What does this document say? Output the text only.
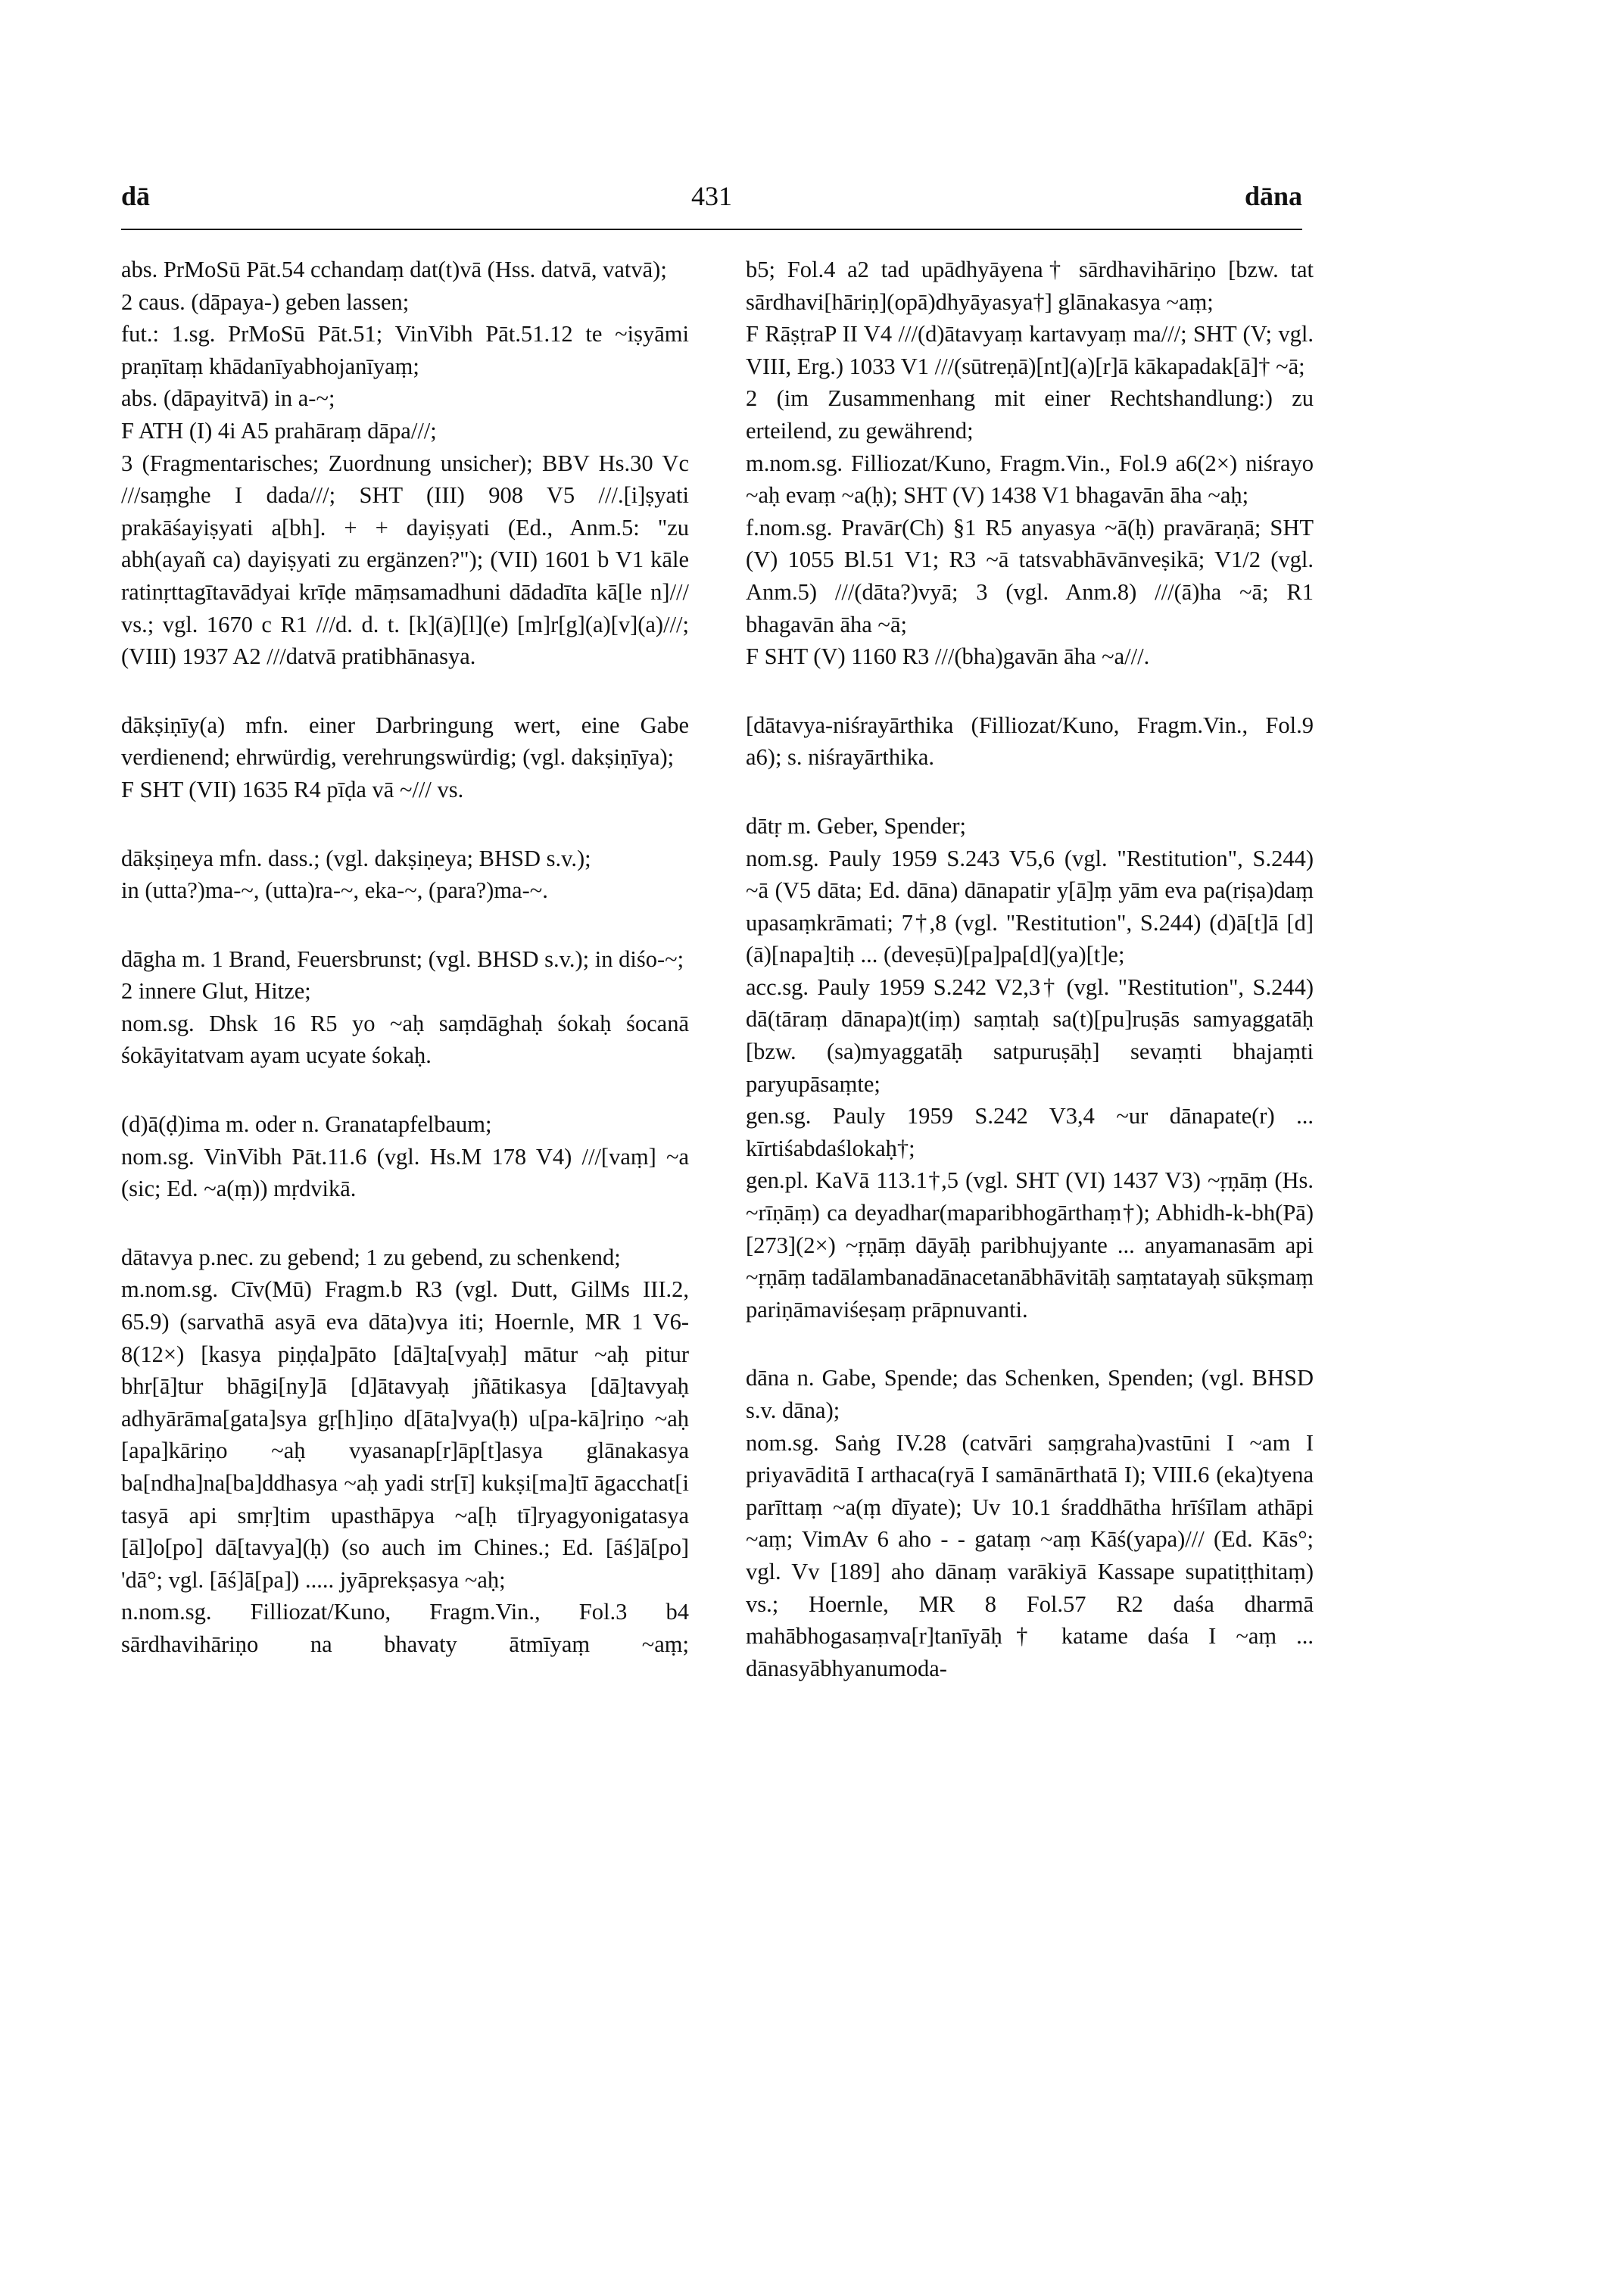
dā	431	dāna

abs. PrMoSū Pāt.54 cchandaṃ dat(t)vā (Hss. datvā, vatvā);

2 caus. (dāpaya-) geben lassen;

fut.: 1.sg. PrMoSū Pāt.51; VinVibh Pāt.51.12 te ~iṣyāmi praṇītaṃ khādanīyabhojanīyaṃ;

abs. (dāpayitvā) in a-~;

F ATH (I) 4i A5 prahāraṃ dāpa///;

3 (Fragmentarisches; Zuordnung unsicher); BBV Hs.30 Vc ///saṃghe I dada///; SHT (III) 908 V5 ///.[i]ṣyati prakāśayiṣyati a[bh]. + + dayiṣyati (Ed., Anm.5: "zu abh(ayañ ca) dayiṣyati zu ergänzen?"); (VII) 1601 b V1 kāle ratinṛttagītavādyai krīḍe māṃsamadhuni dādadīta kā[le n]/// vs.; vgl. 1670 c R1 ///d. d. t. [k](ā)[l](e) [m]r[g](a)[v](a)///; (VIII) 1937 A2 ///datvā pratibhānasya.

dākṣiṇīy(a) mfn. einer Darbringung wert, eine Gabe verdienend; ehrwürdig, verehrungswürdig; (vgl. dakṣiṇīya);

F SHT (VII) 1635 R4 pīḍa vā ~/// vs.

dākṣiṇeya mfn. dass.; (vgl. dakṣiṇeya; BHSD s.v.);

in (utta?)ma-~, (utta)ra-~, eka-~, (para?)ma-~.

dāgha m. 1 Brand, Feuersbrunst; (vgl. BHSD s.v.); in diśo-~;

2 innere Glut, Hitze;

nom.sg. Dhsk 16 R5 yo ~aḥ saṃdāghaḥ śokaḥ śocanā śokāyitatvam ayam ucyate śokaḥ.

(d)ā(ḍ)ima m. oder n. Granatapfelbaum;

nom.sg. VinVibh Pāt.11.6 (vgl. Hs.M 178 V4) ///[vaṃ] ~a (sic; Ed. ~a(ṃ)) mṛdvikā.

dātavya p.nec. zu gebend; 1 zu gebend, zu schenkend;

m.nom.sg. Cīv(Mū) Fragm.b R3 (vgl. Dutt, GilMs III.2, 65.9) (sarvathā asyā eva dāta)vya iti; Hoernle, MR 1 V6-8(12×) [kasya piṇḍa]pāto [dā]ta[vyaḥ] mātur ~aḥ pitur bhr[ā]tur bhāgi[ny]ā [d]ātavyaḥ jñātikasya [dā]tavyaḥ adhyārāma[gata]sya gṛ[h]iṇo d[āta]vya(ḥ) u[pa-kā]riṇo ~aḥ [apa]kāriṇo ~aḥ vyasanap[r]āp[t]asya glānakasya ba[ndha]na[ba]ddhasya ~aḥ yadi str[ī] kukṣi[ma]tī āgacchat[i tasyā api smṛ]tim upasthāpya ~a[ḥ tī]ryagyonigatasya [āl]o[po] dā[tavya](ḥ) (so auch im Chines.; Ed. [āś]ā[po] 'dā°; vgl. [āś]ā[pa]) ..... jyāprekṣasya ~aḥ;

n.nom.sg. Filliozat/Kuno, Fragm.Vin., Fol.3 b4 sārdhavihāriṇo na bhavaty ātmīyaṃ ~aṃ;

b5; Fol.4 a2 tad upādhyāyena† sārdhavihāriṇo [bzw. tat sārdhavi[hāriṇ](opā)dhyāyasya†] glānakasya ~aṃ;

F RāṣṭraP II V4 ///(d)ātavyaṃ kartavyaṃ ma///; SHT (V; vgl. VIII, Erg.) 1033 V1 ///(sūtreṇā)[nt](a)[r]ā kākapadak[ā]† ~ā;

2 (im Zusammenhang mit einer Rechtshandlung:) zu erteilend, zu gewährend;

m.nom.sg. Filliozat/Kuno, Fragm.Vin., Fol.9 a6(2×) niśrayo ~aḥ evaṃ ~a(ḥ); SHT (V) 1438 V1 bhagavān āha ~aḥ;

f.nom.sg. Pravār(Ch) §1 R5 anyasya ~ā(ḥ) pravāraṇā; SHT (V) 1055 Bl.51 V1; R3 ~ā tatsvabhāvānveṣikā; V1/2 (vgl. Anm.5) ///(dāta?)vyā; 3 (vgl. Anm.8) ///(ā)ha ~ā; R1 bhagavān āha ~ā;

F SHT (V) 1160 R3 ///(bha)gavān āha ~a///.

[dātavya-niśrayārthika (Filliozat/Kuno, Fragm.Vin., Fol.9 a6); s. niśrayārthika.

dātṛ m. Geber, Spender;

nom.sg. Pauly 1959 S.243 V5,6 (vgl. "Restitution", S.244) ~ā (V5 dāta; Ed. dāna) dānapatir y[ā]ṃ yām eva pa(riṣa)daṃ upasaṃkrāmati; 7†,8 (vgl. "Restitution", S.244) (d)ā[t]ā [d](ā)[napa]tiḥ ... (deveṣū)[pa]pa[d](ya)[t]e;

acc.sg. Pauly 1959 S.242 V2,3† (vgl. "Restitution", S.244) dā(tāraṃ dānapa)t(iṃ) saṃtaḥ sa(t)[pu]ruṣās samyaggatāḥ [bzw. (sa)myaggatāḥ satpuruṣāḥ] sevaṃti bhajaṃti paryupāsaṃte;

gen.sg. Pauly 1959 S.242 V3,4 ~ur dānapate(r) ... kīrtiśabdaślokaḥ†;

gen.pl. KaVā 113.1†,5 (vgl. SHT (VI) 1437 V3) ~ṛṇāṃ (Hs. ~rīṇāṃ) ca deyadhar(maparibhogārthaṃ†); Abhidh-k-bh(Pā) [273](2×) ~ṛṇāṃ dāyāḥ paribhujyante ... anyamanasām api ~ṛṇāṃ tadālambanadānacetanābhāvitāḥ saṃtatayaḥ sūkṣmaṃ pariṇāmaviśeṣaṃ prāpnuvanti.

dāna n. Gabe, Spende; das Schenken, Spenden; (vgl. BHSD s.v. dāna);

nom.sg. Saṅg IV.28 (catvāri saṃgraha)vastūni I ~am I priyavāditā I arthaca(ryā I samānārthatā I); VIII.6 (eka)tyena parīttaṃ ~a(ṃ dīyate); Uv 10.1 śraddhātha hrīśīlam athāpi ~aṃ; VimAv 6 aho - - gataṃ ~aṃ Kāś(yapa)/// (Ed. Kās°; vgl. Vv [189] aho dānaṃ varākiyā Kassape supatiṭṭhitaṃ) vs.; Hoernle, MR 8 Fol.57 R2 daśa dharmā mahābhogasaṃva[r]tanīyāḥ† katame daśa I ~aṃ ... dānasyābhyanumoda-
